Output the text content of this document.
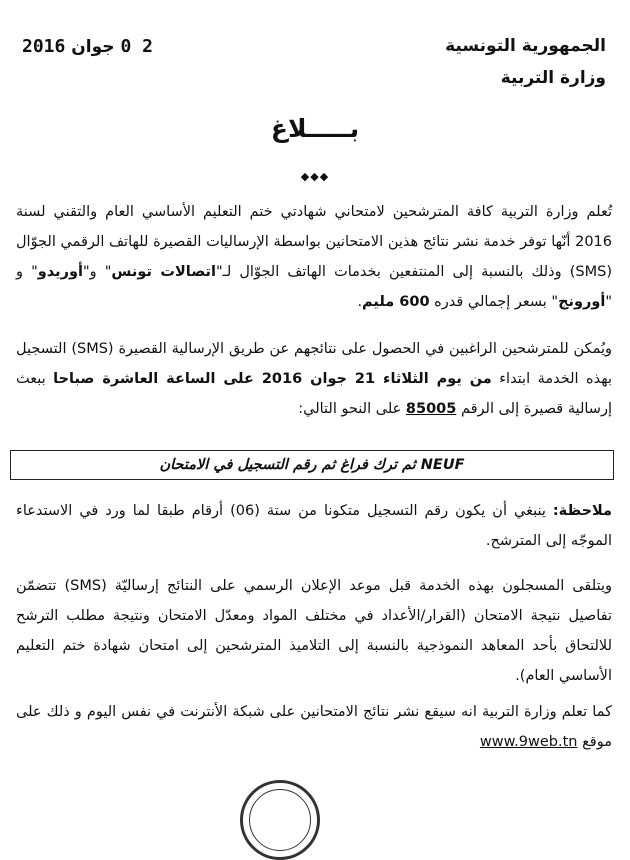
الجمهورية التونسية
وزارة التربية
2 0 جوان 2016
بـــــلاغ
◆◆◆

تُعلم وزارة التربية كافة المترشحين لامتحاني شهادتي ختم التعليم الأساسي العام والتقني لسنة 2016 أنّها توفر خدمة نشر نتائج هذين الامتحانين بواسطة الإرساليات القصيرة للهاتف الرقمي الجوّال (SMS) وذلك بالنسبة إلى المنتفعين بخدمات الهاتف الجوّال لـ"اتصالات تونس" و"أوريدو" و "أورونج" بسعر إجمالي قدره 600 مليم.

ويُمكن للمترشحين الراغبين في الحصول على نتائجهم عن طريق الإرسالية القصيرة (SMS) التسجيل بهذه الخدمة ابتداء من يوم الثلاثاء 21 جوان 2016 على الساعة العاشرة صباحا ببعث إرسالية قصيرة إلى الرقم 85005 على النحو التالي:

NEUF ثم ترك فراغ ثم رقم التسجيل في الامتحان

ملاحظة: ينبغي أن يكون رقم التسجيل متكونا من ستة (06) أرقام طبقا لما ورد في الاستدعاء الموجّه إلى المترشح.

ويتلقى المسجلون بهذه الخدمة قبل موعد الإعلان الرسمي على النتائج إرساليّة (SMS) تتضمّن تفاصيل نتيجة الامتحان (القرار/الأعداد في مختلف المواد ومعدّل الامتحان ونتيجة مطلب الترشح للالتحاق بأحد المعاهد النموذجية بالنسبة إلى التلاميذ المترشحين إلى امتحان شهادة ختم التعليم الأساسي العام).

كما تعلم وزارة التربية انه سيقع نشر نتائج الامتحانين على شبكة الأنترنت في نفس اليوم و ذلك على موقع www.9web.tn
